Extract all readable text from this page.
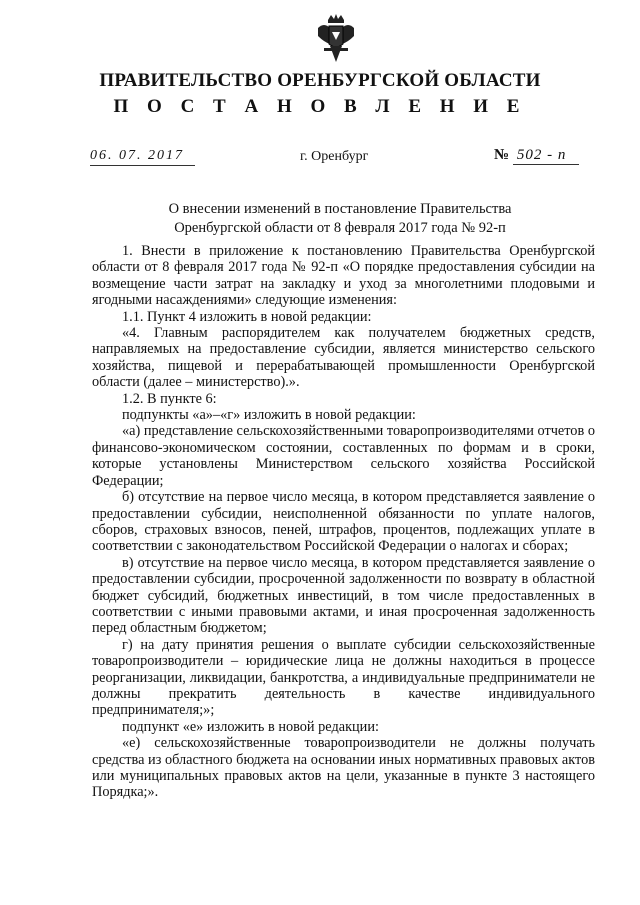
ПРАВИТЕЛЬСТВО ОРЕНБУРГСКОЙ ОБЛАСТИ
П О С Т А Н О В Л Е Н И Е
06. 07. 2017	г. Оренбург	№ 502 - п
О внесении изменений в постановление Правительства
Оренбургской области от 8 февраля 2017 года № 92-п

1. Внести в приложение к постановлению Правительства Оренбургской области от 8 февраля 2017 года № 92-п «О порядке предоставления субсидии на возмещение части затрат на закладку и уход за многолетними плодовыми и ягодными насаждениями» следующие изменения:

1.1. Пункт 4 изложить в новой редакции:

«4. Главным распорядителем как получателем бюджетных средств, направляемых на предоставление субсидии, является министерство сельского хозяйства, пищевой и перерабатывающей промышленности Оренбургской области (далее – министерство).».

1.2. В пункте 6:

подпункты «а»–«г» изложить в новой редакции:

«а) представление сельскохозяйственными товаропроизводителями отчетов о финансово-экономическом состоянии, составленных по формам и в сроки, которые установлены Министерством сельского хозяйства Российской Федерации;

б) отсутствие на первое число месяца, в котором представляется заявление о предоставлении субсидии, неисполненной обязанности по уплате налогов, сборов, страховых взносов, пеней, штрафов, процентов, подлежащих уплате в соответствии с законодательством Российской Федерации о налогах и сборах;

в) отсутствие на первое число месяца, в котором представляется заявление о предоставлении субсидии, просроченной задолженности по возврату в областной бюджет субсидий, бюджетных инвестиций, в том числе предоставленных в соответствии с иными правовыми актами, и иная просроченная задолженность перед областным бюджетом;

г) на дату принятия решения о выплате субсидии сельскохозяйственные товаропроизводители – юридические лица не должны находиться в процессе реорганизации, ликвидации, банкротства, а индивидуальные предприниматели не должны прекратить деятельность в качестве индивидуального предпринимателя;»;

подпункт «е» изложить в новой редакции:

«е) сельскохозяйственные товаропроизводители не должны получать средства из областного бюджета на основании иных нормативных правовых актов или муниципальных правовых актов на цели, указанные в пункте 3 настоящего Порядка;».
